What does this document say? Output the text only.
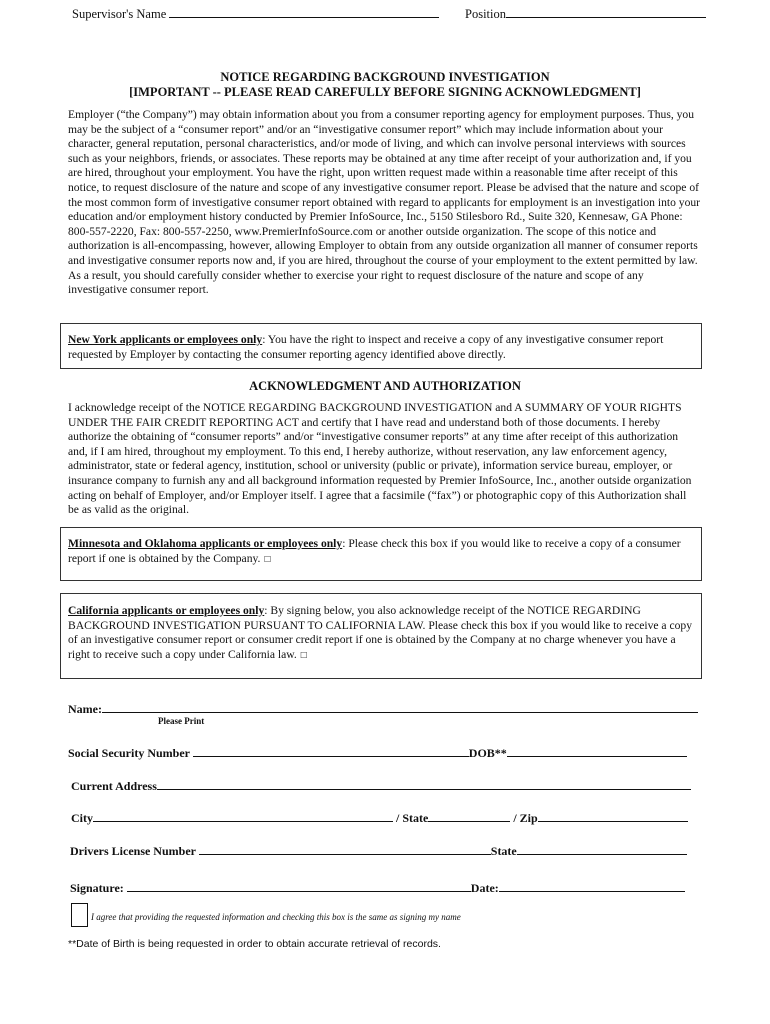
Supervisor's Name	Position
NOTICE REGARDING BACKGROUND INVESTIGATION
[IMPORTANT -- PLEASE READ CAREFULLY BEFORE SIGNING ACKNOWLEDGMENT]
Employer (“the Company”) may obtain information about you from a consumer reporting agency for employment purposes. Thus, you may be the subject of a “consumer report” and/or an “investigative consumer report” which may include information about your character, general reputation, personal characteristics, and/or mode of living, and which can involve personal interviews with sources such as your neighbors, friends, or associates. These reports may be obtained at any time after receipt of your authorization and, if you are hired, throughout your employment. You have the right, upon written request made within a reasonable time after receipt of this notice, to request disclosure of the nature and scope of any investigative consumer report. Please be advised that the nature and scope of the most common form of investigative consumer report obtained with regard to applicants for employment is an investigation into your education and/or employment history conducted by Premier InfoSource, Inc., 5150 Stilesboro Rd., Suite 320, Kennesaw, GA Phone: 800-557-2220, Fax: 800-557-2250, www.PremierInfoSource.com or another outside organization. The scope of this notice and authorization is all-encompassing, however, allowing Employer to obtain from any outside organization all manner of consumer reports and investigative consumer reports now and, if you are hired, throughout the course of your employment to the extent permitted by law. As a result, you should carefully consider whether to exercise your right to request disclosure of the nature and scope of any investigative consumer report.
New York applicants or employees only: You have the right to inspect and receive a copy of any investigative consumer report requested by Employer by contacting the consumer reporting agency identified above directly.
ACKNOWLEDGMENT AND AUTHORIZATION
I acknowledge receipt of the NOTICE REGARDING BACKGROUND INVESTIGATION and A SUMMARY OF YOUR RIGHTS UNDER THE FAIR CREDIT REPORTING ACT and certify that I have read and understand both of those documents. I hereby authorize the obtaining of “consumer reports” and/or “investigative consumer reports” at any time after receipt of this authorization and, if I am hired, throughout my employment. To this end, I hereby authorize, without reservation, any law enforcement agency, administrator, state or federal agency, institution, school or university (public or private), information service bureau, employer, or insurance company to furnish any and all background information requested by Premier InfoSource, Inc., another outside organization acting on behalf of Employer, and/or Employer itself. I agree that a facsimile (“fax”) or photographic copy of this Authorization shall be as valid as the original.
Minnesota and Oklahoma applicants or employees only: Please check this box if you would like to receive a copy of a consumer report if one is obtained by the Company. □
California applicants or employees only: By signing below, you also acknowledge receipt of the NOTICE REGARDING BACKGROUND INVESTIGATION PURSUANT TO CALIFORNIA LAW. Please check this box if you would like to receive a copy of an investigative consumer report or consumer credit report if one is obtained by the Company at no charge whenever you have a right to receive such a copy under California law. □
Name:
Please Print
Social Security Number	DOB**
Current Address
City	/ State	/ Zip
Drivers License Number	State
Signature:	Date:
I agree that providing the requested information and checking this box is the same as signing my name
**Date of Birth is being requested in order to obtain accurate retrieval of records.
